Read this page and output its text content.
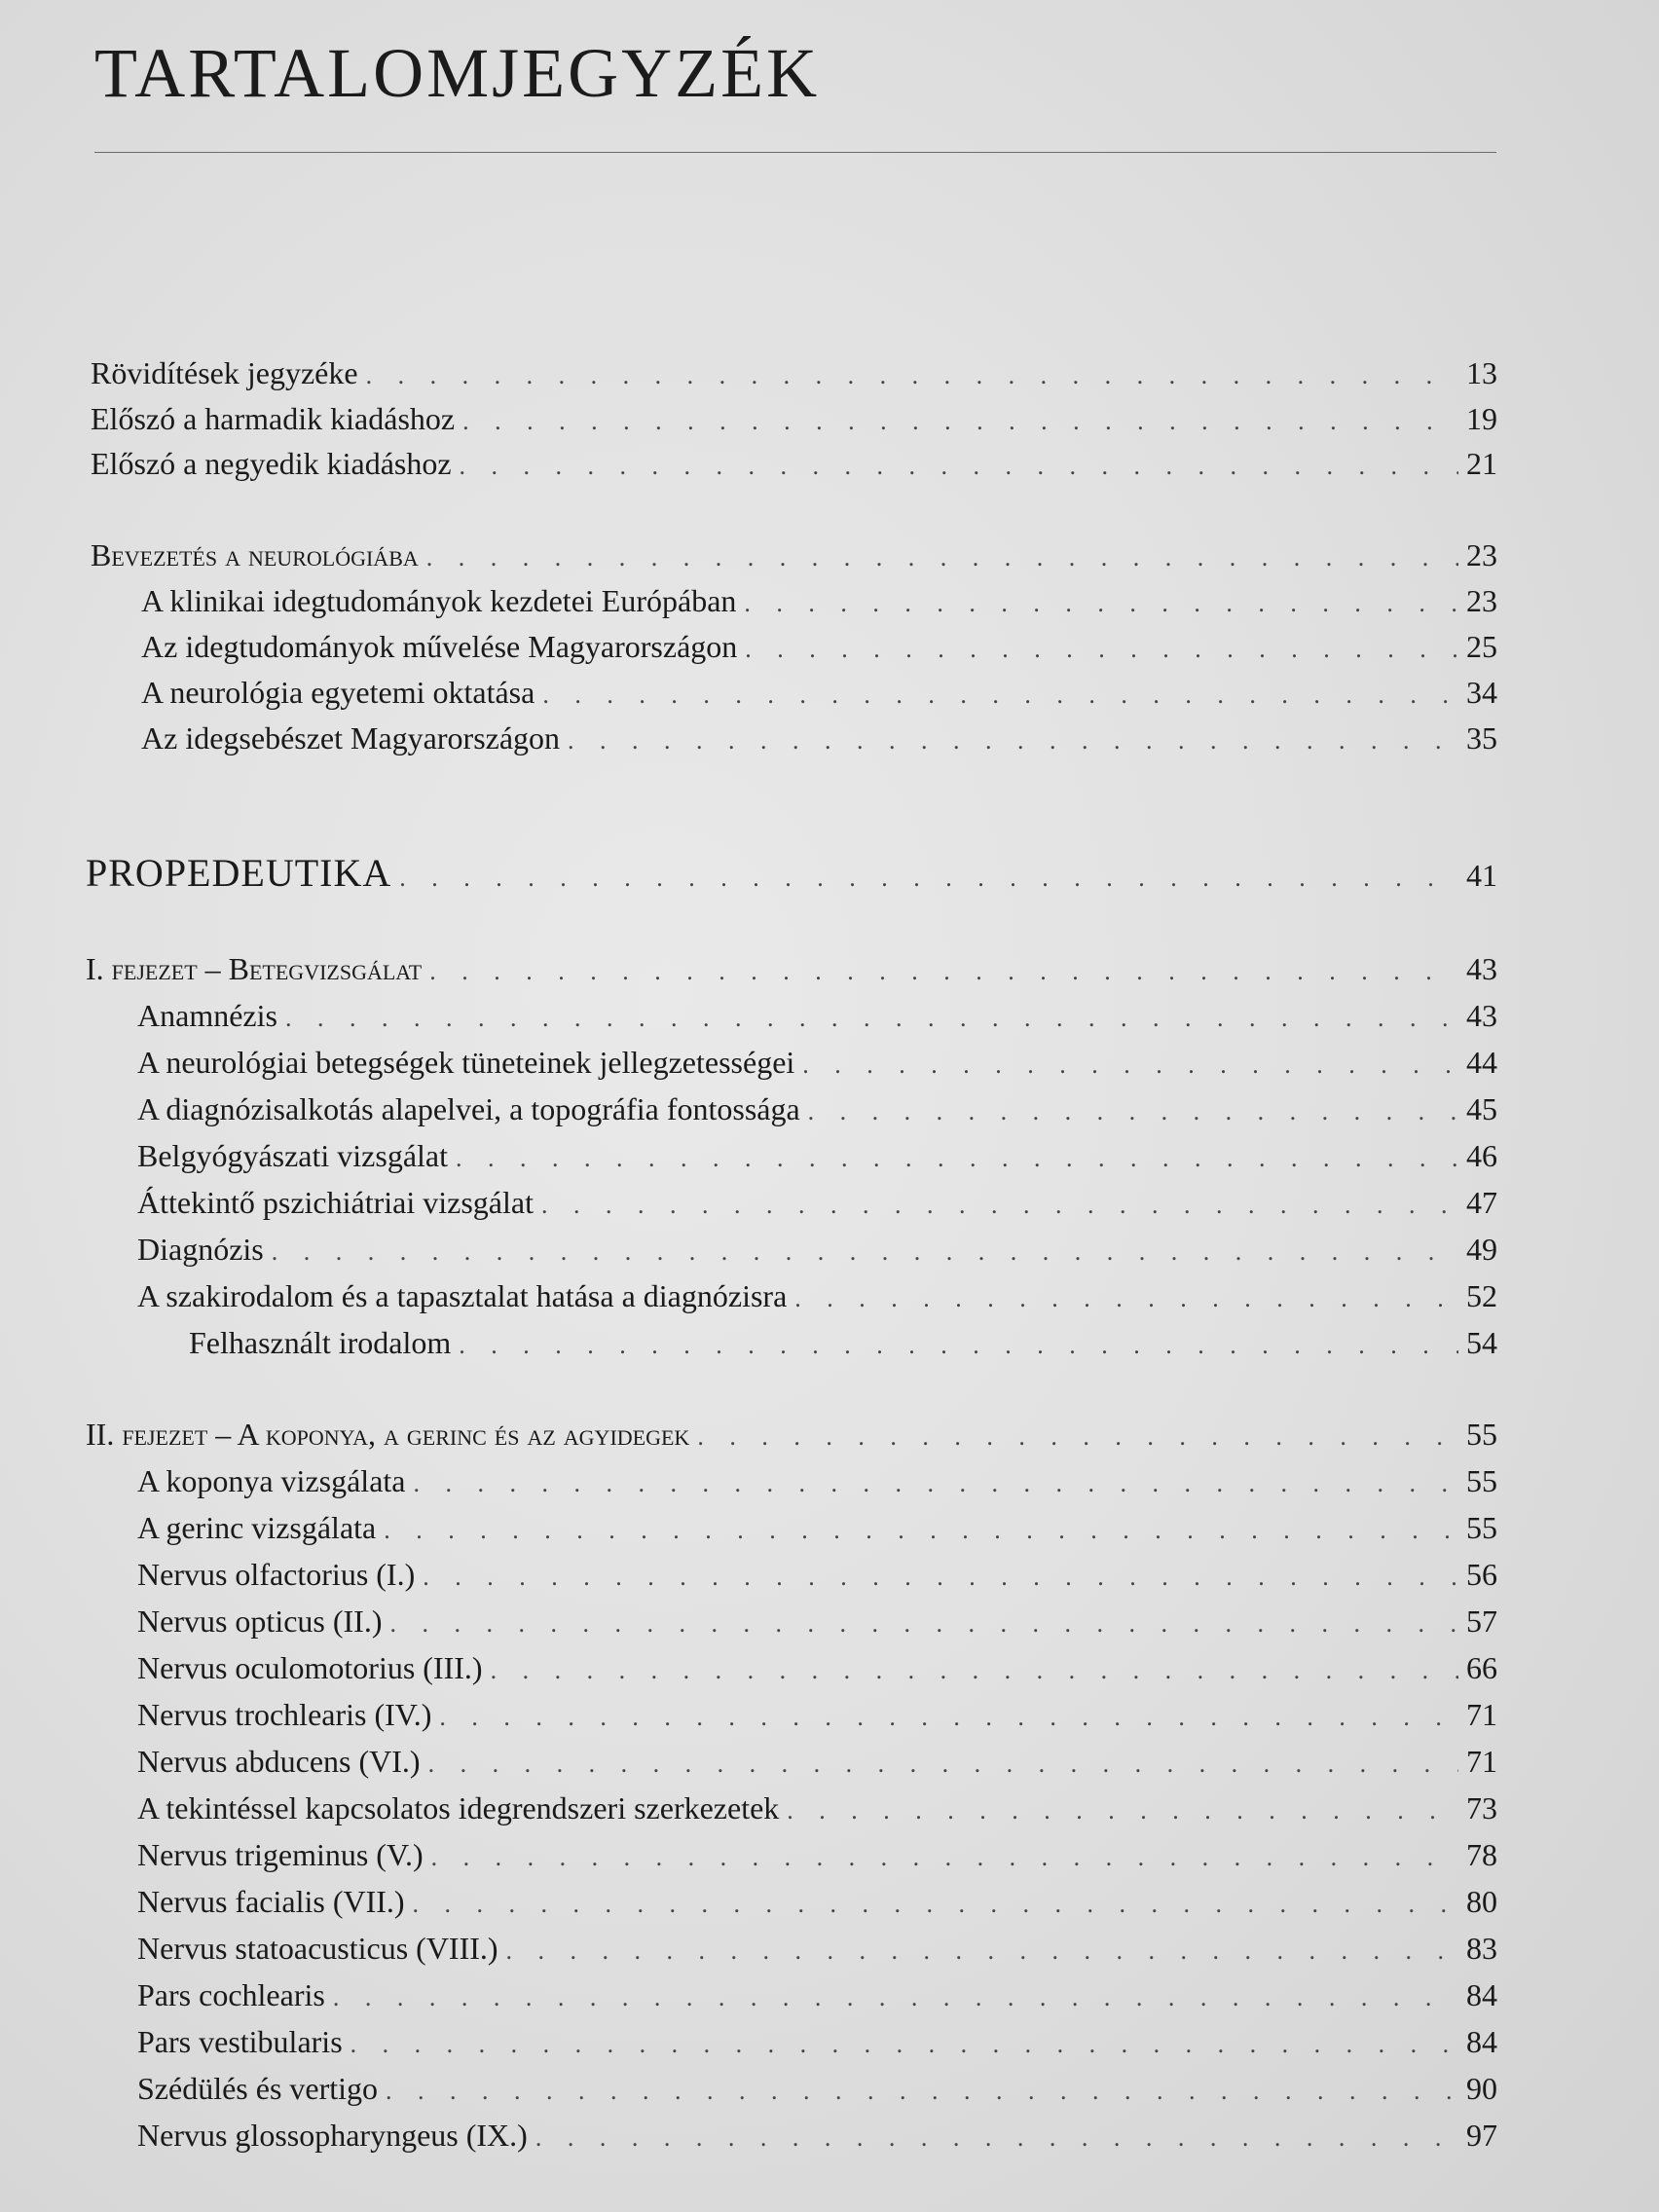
TARTALOMJEGYZÉK
Rövidítések jegyzéke . . .	13
Előszó a harmadik kiadáshoz . . .	19
Előszó a negyedik kiadáshoz . . .	21
Bevezetés a neurológiába . . .	23
A klinikai idegtudományok kezdetei Európában . . .	23
Az idegtudományok művelése Magyarországon . . .	25
A neurológia egyetemi oktatása . . .	34
Az idegsebészet Magyarországon . . .	35
PROPEDEUTIKA . . .	41
I. fejezet – Betegvizsgálat . . .	43
Anamnézis . . .	43
A neurológiai betegségek tüneteinek jellegzetességei . . .	44
A diagnózisalkotás alapelvei, a topográfia fontossága . . .	45
Belgyógyászati vizsgálat . . .	46
Áttekintő pszichiátriai vizsgálat . . .	47
Diagnózis . . .	49
A szakirodalom és a tapasztalat hatása a diagnózisra . . .	52
Felhasznált irodalom . . .	54
II. fejezet – A koponya, a gerinc és az agyidegek . . .	55
A koponya vizsgálata . . .	55
A gerinc vizsgálata . . .	55
Nervus olfactorius (I.) . . .	56
Nervus opticus (II.) . . .	57
Nervus oculomotorius (III.) . . .	66
Nervus trochlearis (IV.) . . .	71
Nervus abducens (VI.) . . .	71
A tekintéssel kapcsolatos idegrendszeri szerkezetek . . .	73
Nervus trigeminus (V.) . . .	78
Nervus facialis (VII.) . . .	80
Nervus statoacusticus (VIII.) . . .	83
Pars cochlearis . . .	84
Pars vestibularis . . .	84
Szédülés és vertigo . . .	90
Nervus glossopharyngeus (IX.) . . .	97
